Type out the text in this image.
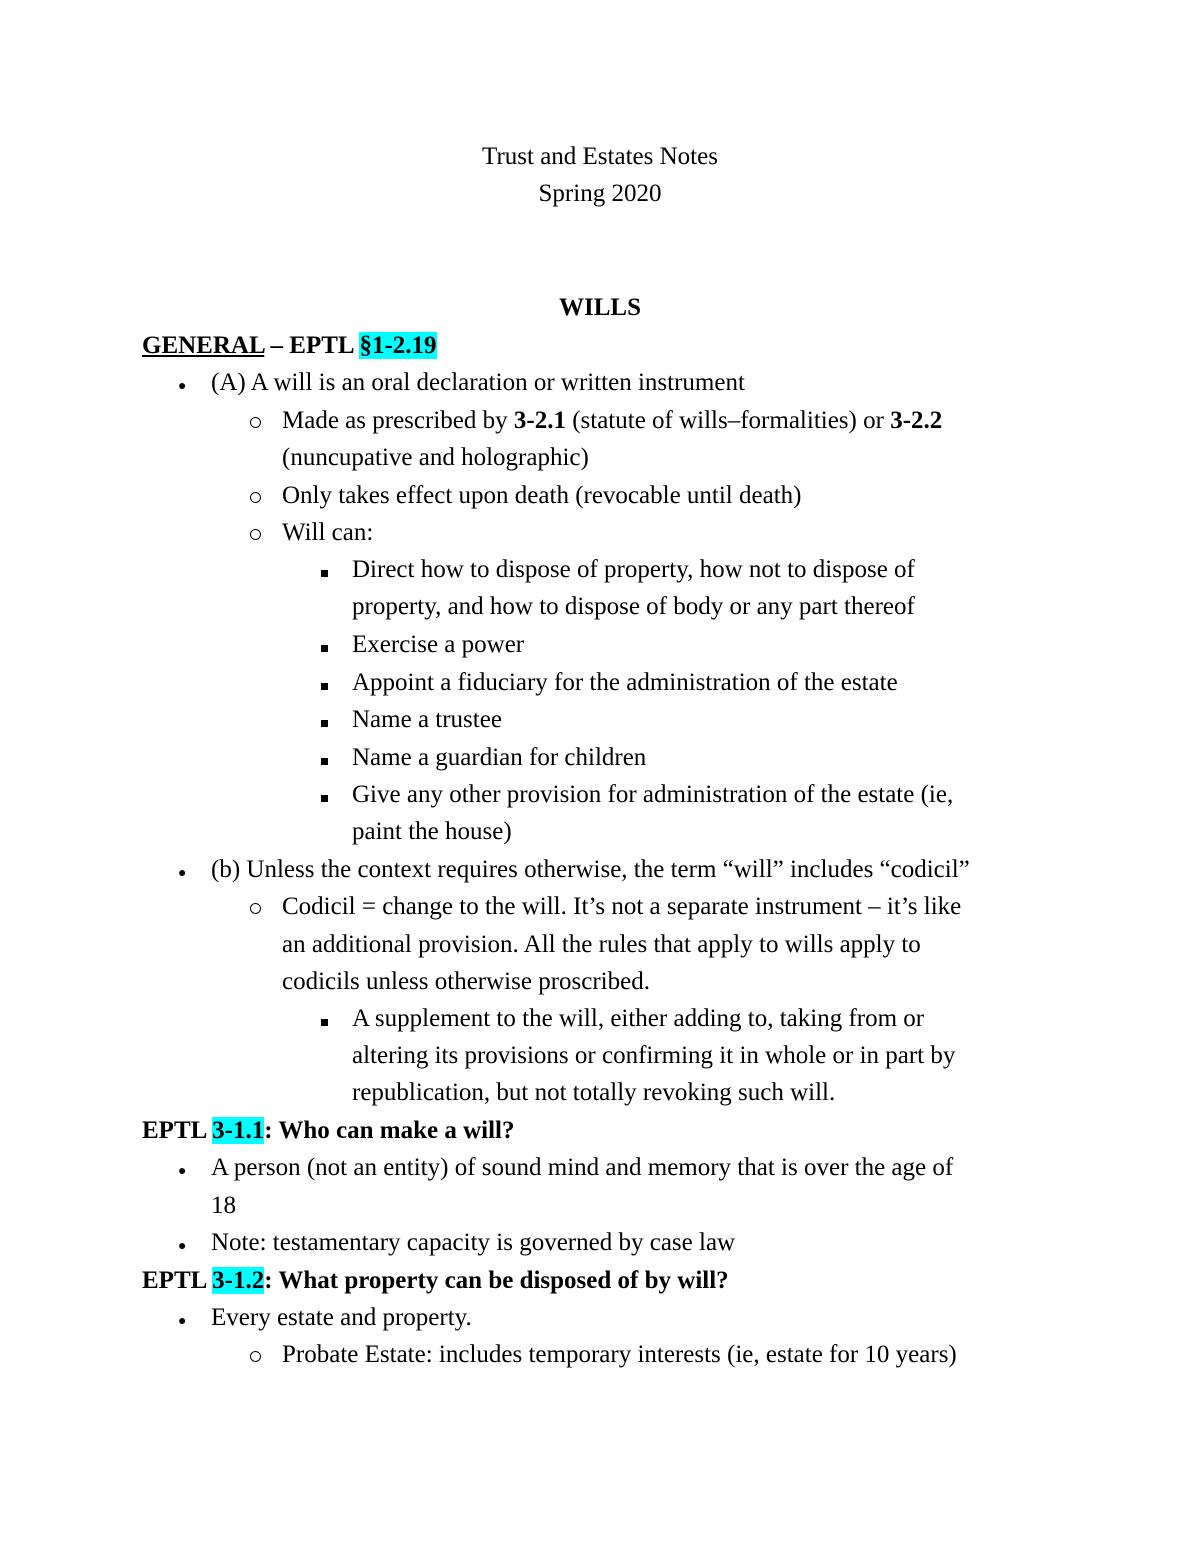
Trust and Estates Notes
Spring 2020
WILLS
GENERAL – EPTL §1-2.19
● (A) A will is an oral declaration or written instrument
Made as prescribed by 3-2.1 (statute of wills–formalities) or 3-2.2
(nuncupative and holographic)
Only takes effect upon death (revocable until death)
Will can:
Direct how to dispose of property, how not to dispose of
property, and how to dispose of body or any part thereof
Exercise a power
Appoint a fiduciary for the administration of the estate
Name a trustee
Name a guardian for children
Give any other provision for administration of the estate (ie,
paint the house)
● (b) Unless the context requires otherwise, the term “will” includes “codicil”
Codicil = change to the will. It’s not a separate instrument – it’s like
an additional provision. All the rules that apply to wills apply to
codicils unless otherwise proscribed.
A supplement to the will, either adding to, taking from or
altering its provisions or confirming it in whole or in part by
republication, but not totally revoking such will.
EPTL 3-1.1: Who can make a will?
● A person (not an entity) of sound mind and memory that is over the age of
18
● Note: testamentary capacity is governed by case law
EPTL 3-1.2: What property can be disposed of by will?
● Every estate and property.
Probate Estate: includes temporary interests (ie, estate for 10 years)
